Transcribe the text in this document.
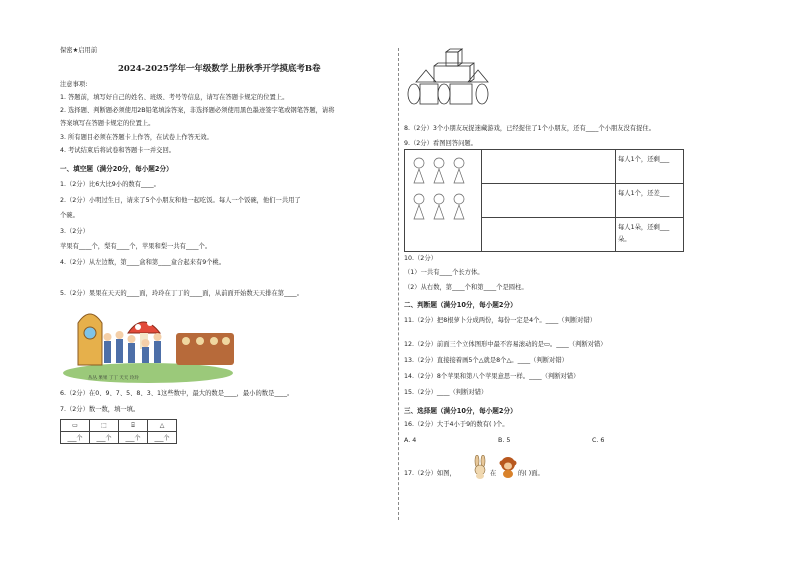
保密★启用前
2024-2025学年一年级数学上册秋季开学摸底考B卷
注意事项:
1. 答题前，填写好自己的姓名、班级、考号等信息，请写在答题卡规定的位置上。
2. 选择题、判断题必须使用2B铅笔填涂答案，非选择题必须使用黑色墨迹签字笔或钢笔答题，请将
答案填写在答题卡规定的位置上。
3. 所有题目必须在答题卡上作答，在试卷上作答无效。
4. 考试结束后将试卷和答题卡一并交回。
一、填空题（满分20分，每小题2分）
1.（2分）比6大比9小的数有____。
2.（2分）小明过生日，请来了5个小朋友和他一起吃饭。每人一个饭碗，他们一共用了
个碗。
3.（2分）
苹果有____个，梨有____个，苹果和梨一共有____个。
4.（2分）从左边数，第____盒和第____盒合起来有9个桃。
5.（2分）果果在天天的____面，玲玲在丁丁的____面，从前面开始数天天排在第____。
丛丛 果果 丁丁 天天 玲玲
6.（2分）在0、9、7、5、8、3、1这些数中，最大的数是____，最小的数是____。
7.（2分）数一数，填一填。
▭	⬚	⌸	△
___个	___个	___个	___个
8.（2分）3个小朋友玩捉迷藏游戏，已经捉住了1个小朋友，还有____个小朋友没有捉住。
9.（2分）看图回答问题。
每人1个，还剩___
每人1个，还差___
每人1朵，还剩___朵。
10.（2分）
（1）一共有____个长方体。
（2）从右数，第____个和第____个是圆柱。
二、判断题（满分10分，每小题2分）
11.（2分）把8根萝卜分成两份，每份一定是4个。____（判断对错）
12.（2分）前面三个立体图形中最不容易滚动的是▭。____（判断对错）
13.（2分）直接接着画5个△就是8个△。____（判断对错）
14.（2分）8个苹果和第八个苹果意思一样。____（判断对错）
15.（2分）____（判断对错）
三、选择题（满分10分，每小题2分）
16.（2分）大于4小于9的数有( )个。
A. 4	B. 5	C. 6
17.（2分）如图，	在	的( )面。
